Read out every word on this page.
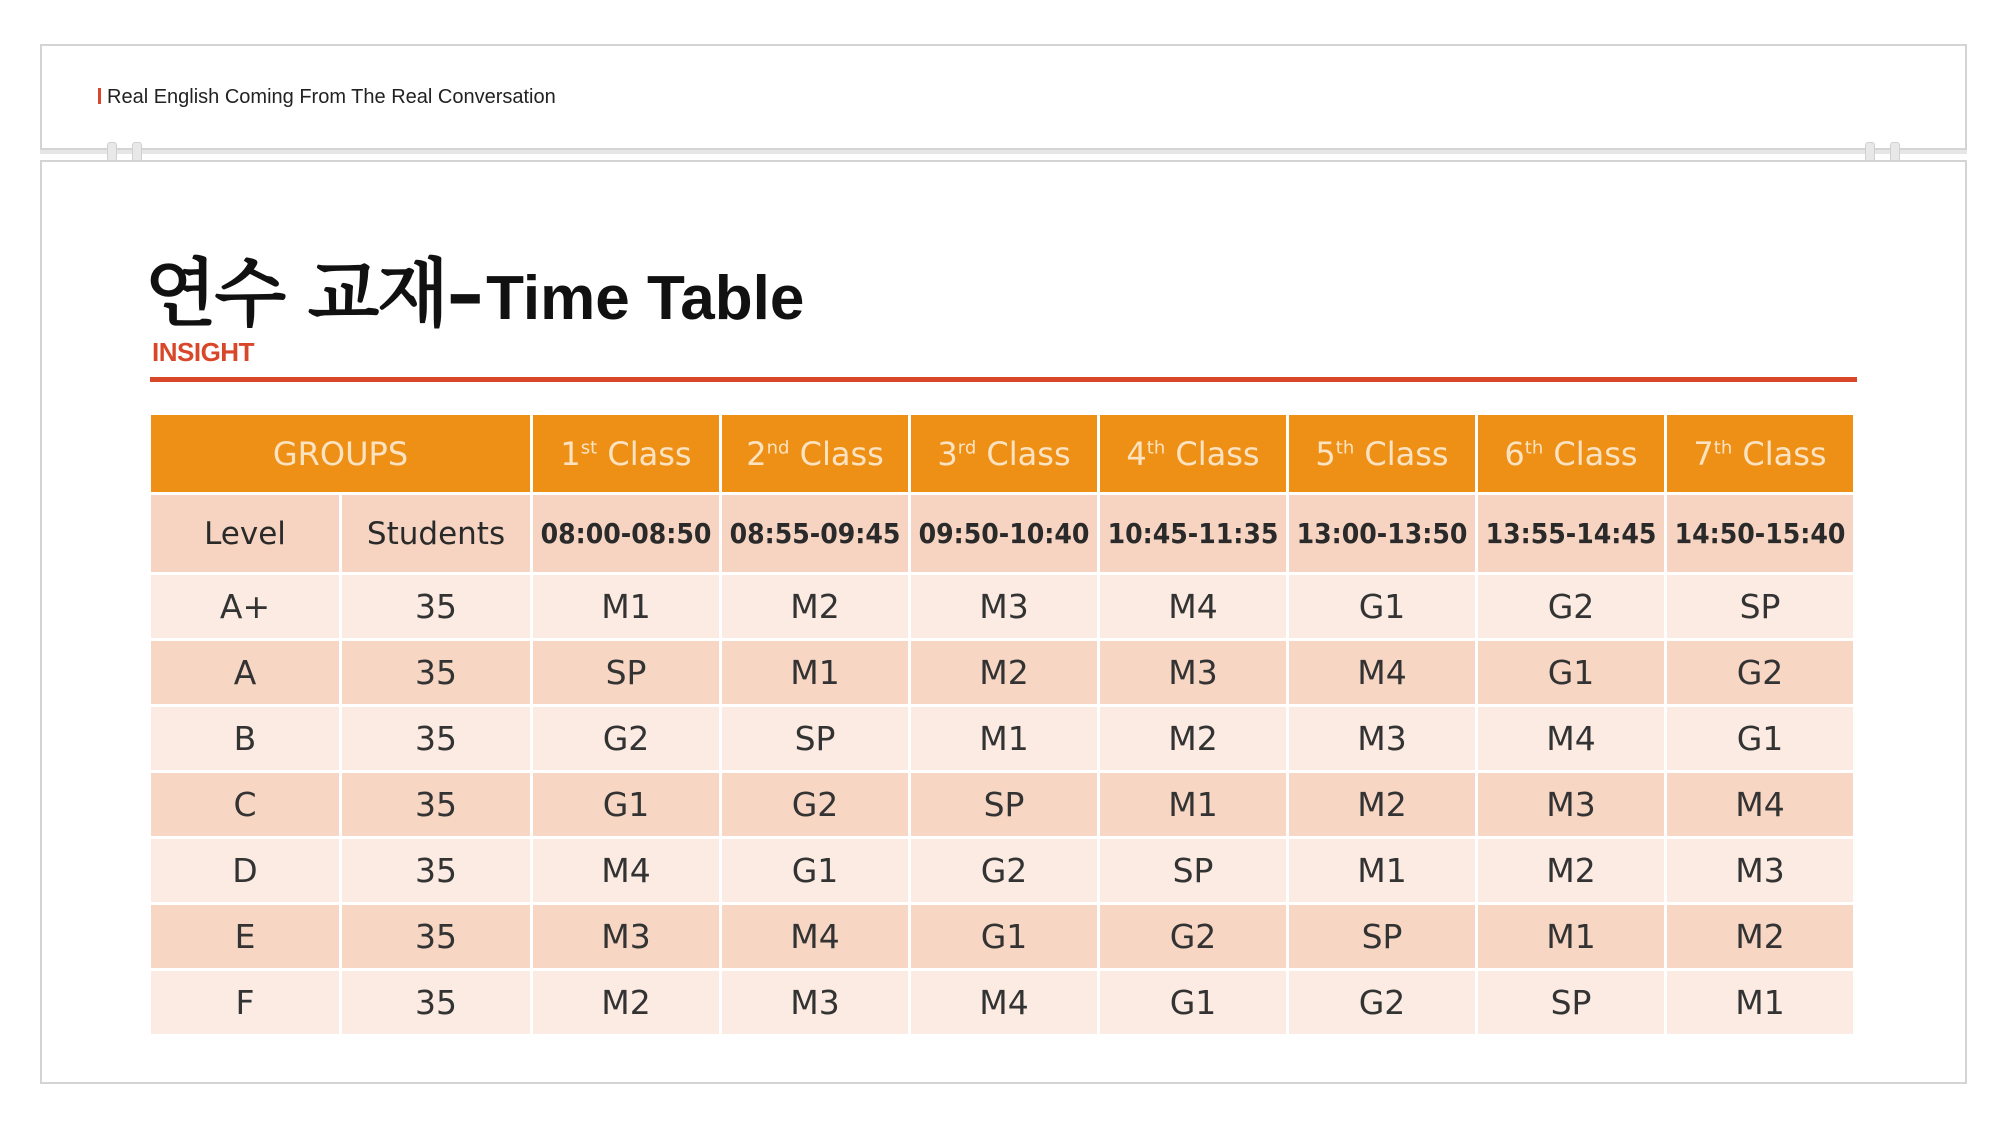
Real English Coming From The Real Conversation
연수 교재– Time Table
INSIGHT
GROUPS		1st Class	2nd Class	3rd Class	4th Class	5th Class	6th Class	7th Class
Level	Students	08:00-08:50	08:55-09:45	09:50-10:40	10:45-11:35	13:00-13:50	13:55-14:45	14:50-15:40
A+	35	M1	M2	M3	M4	G1	G2	SP
A	35	SP	M1	M2	M3	M4	G1	G2
B	35	G2	SP	M1	M2	M3	M4	G1
C	35	G1	G2	SP	M1	M2	M3	M4
D	35	M4	G1	G2	SP	M1	M2	M3
E	35	M3	M4	G1	G2	SP	M1	M2
F	35	M2	M3	M4	G1	G2	SP	M1
